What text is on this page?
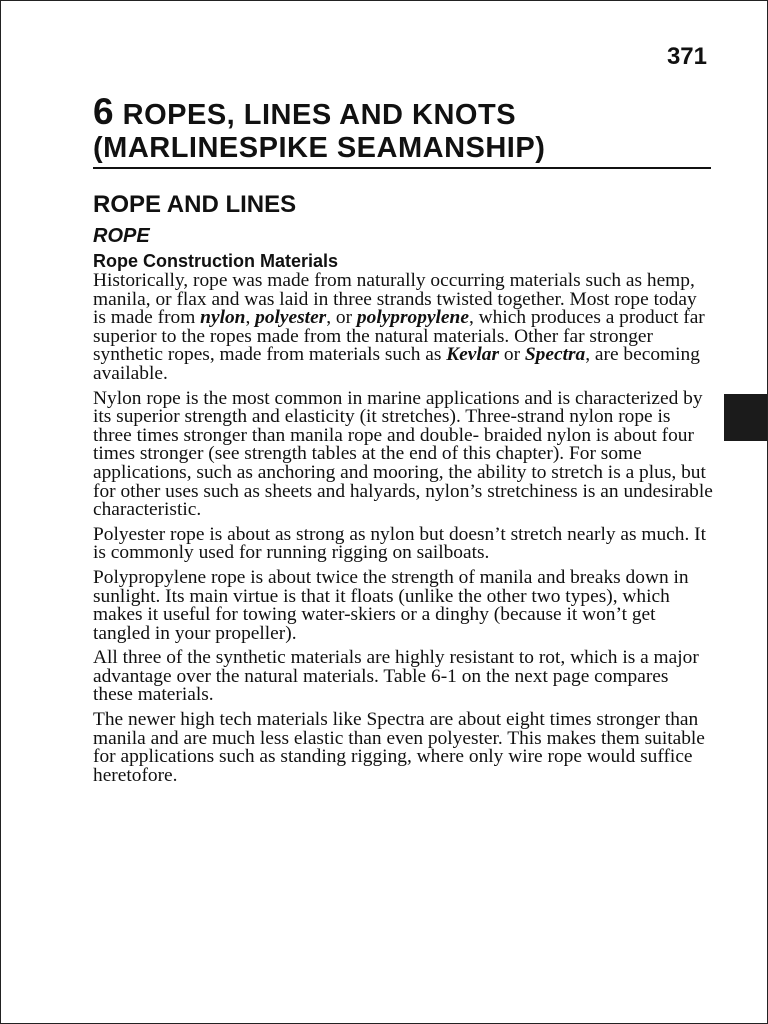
371
6 ROPES, LINES AND KNOTS
(MARLINESPIKE SEAMANSHIP)
ROPE AND LINES
ROPE
Rope Construction Materials

Historically, rope was made from naturally occurring materials such as hemp, manila, or flax and was laid in three strands twisted together. Most rope today is made from nylon, polyester, or polypropylene, which produces a product far superior to the ropes made from the natural materials. Other far stronger synthetic ropes, made from materials such as Kevlar or Spectra, are becoming available.

Nylon rope is the most common in marine applications and is characterized by its superior strength and elasticity (it stretches). Three-strand nylon rope is three times stronger than manila rope and double- braided nylon is about four times stronger (see strength tables at the end of this chapter). For some applications, such as anchoring and mooring, the ability to stretch is a plus, but for other uses such as sheets and halyards, nylon’s stretchiness is an undesirable characteristic.

Polyester rope is about as strong as nylon but doesn’t stretch nearly as much. It is commonly used for running rigging on sailboats.

Polypropylene rope is about twice the strength of manila and breaks down in sunlight. Its main virtue is that it floats (unlike the other two types), which makes it useful for towing water-skiers or a dinghy (because it won’t get tangled in your propeller).

All three of the synthetic materials are highly resistant to rot, which is a major advantage over the natural materials. Table 6-1 on the next page compares these materials.

The newer high tech materials like Spectra are about eight times stronger than manila and are much less elastic than even polyester. This makes them suitable for applications such as standing rigging, where only wire rope would suffice heretofore.
